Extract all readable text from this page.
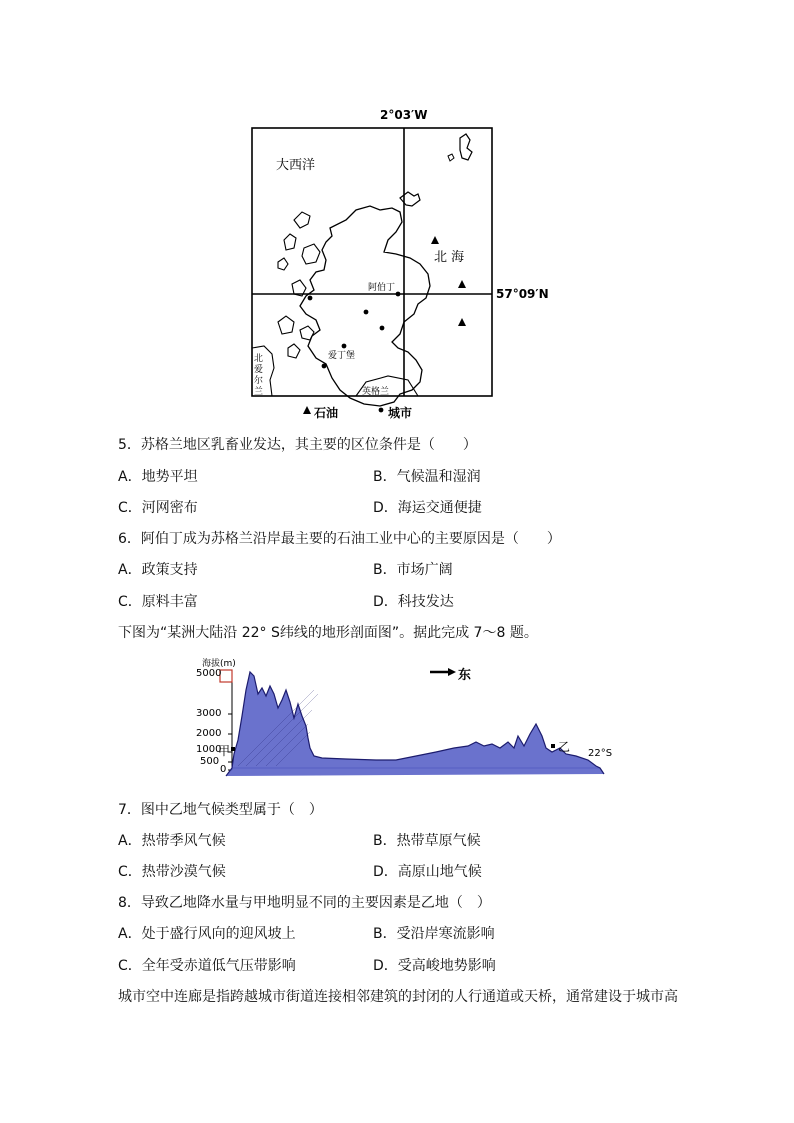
2°03′W
57°09′N
大西洋
北 海
阿伯丁
爱丁堡
北爱尔兰	英格兰
石油	城市
5．苏格兰地区乳畜业发达，其主要的区位条件是（　　）
A．地势平坦	B．气候温和湿润
C．河网密布	D．海运交通便捷
6．阿伯丁成为苏格兰沿岸最主要的石油工业中心的主要原因是（　　）
A．政策支持	B．市场广阔
C．原料丰富	D．科技发达
下图为“某洲大陆沿 22° S纬线的地形剖面图”。据此完成 7～8 题。
海拔(m)
5000
3000
2000
1000
500
0
东
甲	乙 22°S
7．图中乙地气候类型属于（　）
A．热带季风气候	B．热带草原气候
C．热带沙漠气候	D．高原山地气候
8．导致乙地降水量与甲地明显不同的主要因素是乙地（　）
A．处于盛行风向的迎风坡上	B．受沿岸寒流影响
C．全年受赤道低气压带影响	D．受高峻地势影响
城市空中连廊是指跨越城市街道连接相邻建筑的封闭的人行通道或天桥，通常建设于城市高
